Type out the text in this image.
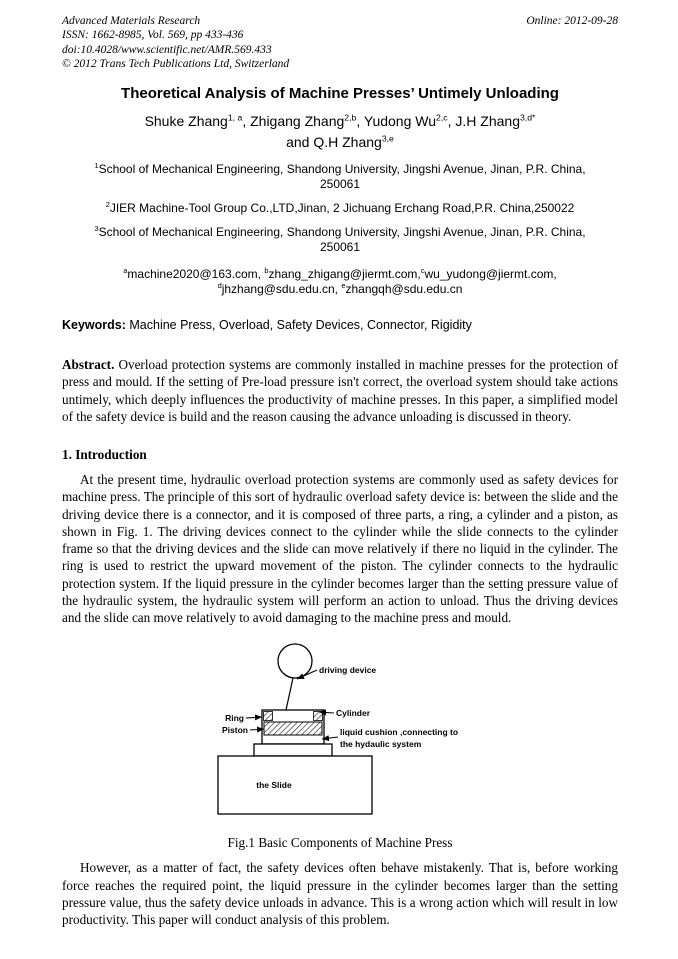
Advanced Materials Research
ISSN: 1662-8985, Vol. 569, pp 433-436
doi:10.4028/www.scientific.net/AMR.569.433
© 2012 Trans Tech Publications Ltd, Switzerland
Online: 2012-09-28
Theoretical Analysis of Machine Presses’ Untimely Unloading
Shuke Zhang$^{1, a}$, Zhigang Zhang$^{2,b}$, Yudong Wu$^{2,c}$, J.H Zhang$^{3,d*}$
and Q.H Zhang$^{3,e}$
$^1$School of Mechanical Engineering, Shandong University, Jingshi Avenue, Jinan, P.R. China,
250061
$^2$JIER Machine-Tool Group Co.,LTD,Jinan, 2 Jichuang Erchang Road,P.R. China,250022
$^3$School of Mechanical Engineering, Shandong University, Jingshi Avenue, Jinan, P.R. China,
250061
$^a$machine2020@163.com, $^b$zhang_zhigang@jiermt.com,$^c$wu_yudong@jiermt.com,
$^d$jhzhang@sdu.edu.cn, $^e$zhangqh@sdu.edu.cn

Keywords: Machine Press, Overload, Safety Devices, Connector, Rigidity

Abstract. Overload protection systems are commonly installed in machine presses for the protection of press and mould. If the setting of Pre-load pressure isn't correct, the overload system should take actions untimely, which deeply influences the productivity of machine presses. In this paper, a simplified model of the safety device is build and the reason causing the advance unloading is discussed in theory.

1. Introduction

At the present time, hydraulic overload protection systems are commonly used as safety devices for machine press. The principle of this sort of hydraulic overload safety device is: between the slide and the driving device there is a connector, and it is composed of three parts, a ring, a cylinder and a piston, as shown in Fig. 1. The driving devices connect to the cylinder while the slide connects to the cylinder frame so that the driving devices and the slide can move relatively if there no liquid in the cylinder. The ring is used to restrict the upward movement of the piston. The cylinder connects to the hydraulic protection system. If the liquid pressure in the cylinder becomes larger than the setting pressure value of the hydraulic system, the hydraulic system will perform an action to unload. Thus the driving devices and the slide can move relatively to avoid damaging to the machine press and mould.

driving device
the Slide
Cylinder
Ring
Piston	liquid cushion ,connecting to
the hydaulic system
Fig.1 Basic Components of Machine Press

However, as a matter of fact, the safety devices often behave mistakenly. That is, before working force reaches the required point, the liquid pressure in the cylinder becomes larger than the setting pressure value, thus the safety device unloads in advance. This is a wrong action which will result in low productivity. This paper will conduct analysis of this problem.
